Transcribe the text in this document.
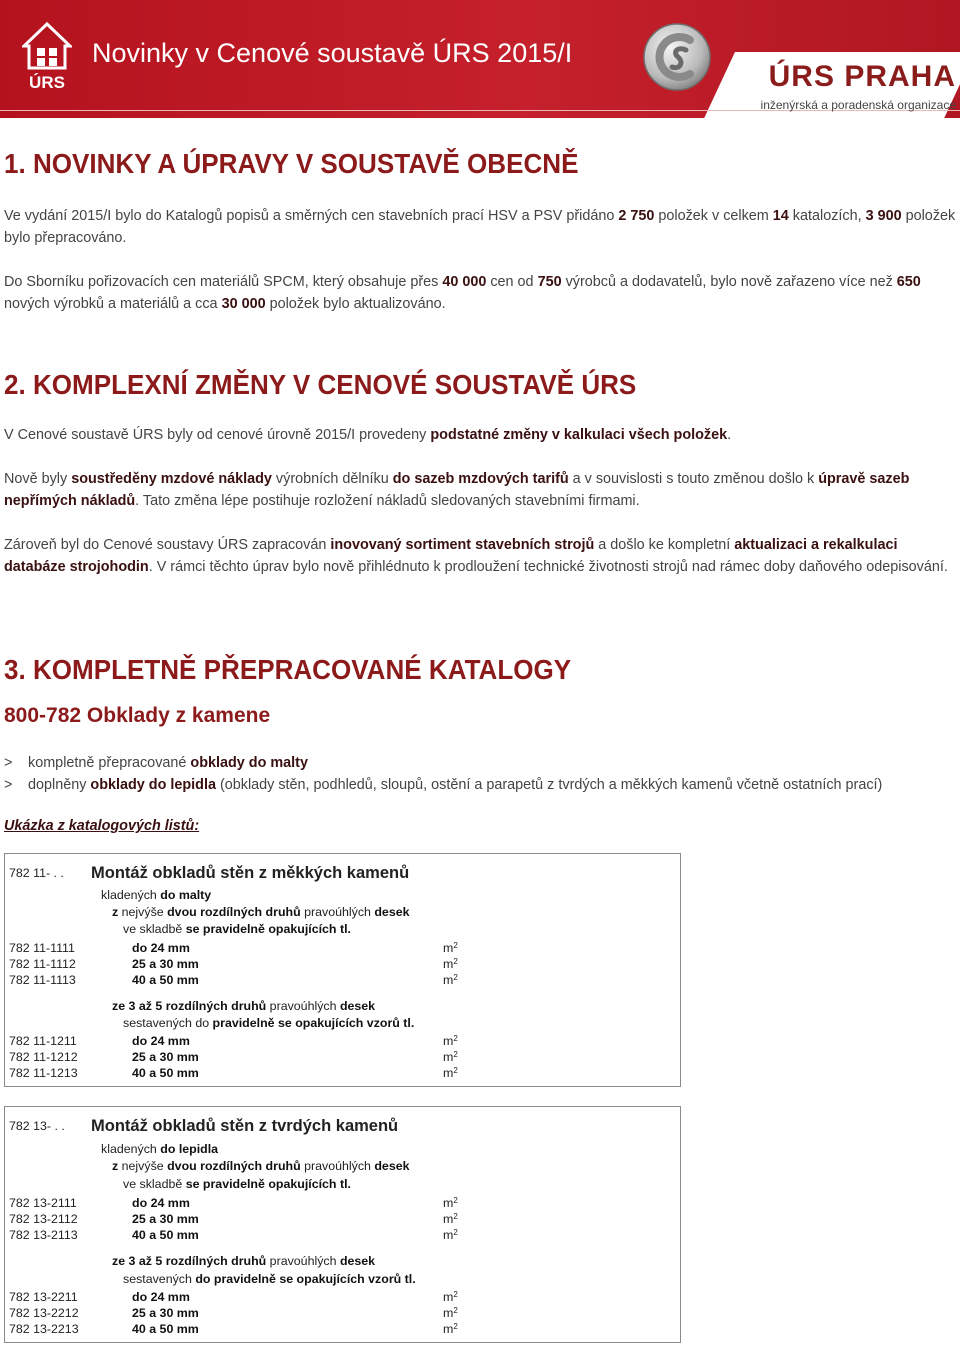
ÚRS
Novinky v Cenové soustavě ÚRS 2015/I
ÚRS PRAHA
inženýrská a poradenská organizace
1. NOVINKY A ÚPRAVY V SOUSTAVĚ OBECNĚ
Ve vydání 2015/I bylo do Katalogů popisů a směrných cen stavebních prací HSV a PSV přidáno 2 750 položek v celkem 14 katalozích, 3 900 položek bylo přepracováno.
Do Sborníku pořizovacích cen materiálů SPCM, který obsahuje přes 40 000 cen od 750 výrobců a dodavatelů, bylo nově zařazeno více než 650 nových výrobků a materiálů a cca 30 000 položek bylo aktualizováno.
2. KOMPLEXNÍ ZMĚNY V CENOVÉ SOUSTAVĚ ÚRS
V Cenové soustavě ÚRS byly od cenové úrovně 2015/I provedeny podstatné změny v kalkulaci všech položek.
Nově byly soustředěny mzdové náklady výrobních dělníku do sazeb mzdových tarifů a v souvislosti s touto změnou došlo k úpravě sazeb nepřímých nákladů. Tato změna lépe postihuje rozložení nákladů sledovaných stavebními firmami.
Zároveň byl do Cenové soustavy ÚRS zapracován inovovaný sortiment stavebních strojů a došlo ke kompletní aktualizaci a rekalkulaci databáze strojohodin. V rámci těchto úprav bylo nově přihlédnuto k prodloužení technické životnosti strojů nad rámec doby daňového odepisování.
3. KOMPLETNĚ PŘEPRACOVANÉ KATALOGY
800-782 Obklady z kamene
> kompletně přepracované obklady do malty
> doplněny obklady do lepidla (obklady stěn, podhledů, sloupů, ostění a parapetů z tvrdých a měkkých kamenů včetně ostatních prací)
Ukázka z katalogových listů:
782 11- . . Montáž obkladů stěn z měkkých kamenů
kladených do malty
z nejvýše dvou rozdílných druhů pravoúhlých desek
ve skladbě se pravidelně opakujících tl.
782 11-1111	do 24 mm	$m^2$
782 11-1112	25 a 30 mm	$m^2$
782 11-1113	40 a 50 mm	$m^2$
ze 3 až 5 rozdílných druhů pravoúhlých desek
sestavených do pravidelně se opakujících vzorů tl.
782 11-1211	do 24 mm	$m^2$
782 11-1212	25 a 30 mm	$m^2$
782 11-1213	40 a 50 mm	$m^2$
782 13- . . Montáž obkladů stěn z tvrdých kamenů
kladených do lepidla
z nejvýše dvou rozdílných druhů pravoúhlých desek
ve skladbě se pravidelně opakujících tl.
782 13-2111	do 24 mm	$m^2$
782 13-2112	25 a 30 mm	$m^2$
782 13-2113	40 a 50 mm	$m^2$
ze 3 až 5 rozdílných druhů pravoúhlých desek
sestavených do pravidelně se opakujících vzorů tl.
782 13-2211	do 24 mm	$m^2$
782 13-2212	25 a 30 mm	$m^2$
782 13-2213	40 a 50 mm	$m^2$
